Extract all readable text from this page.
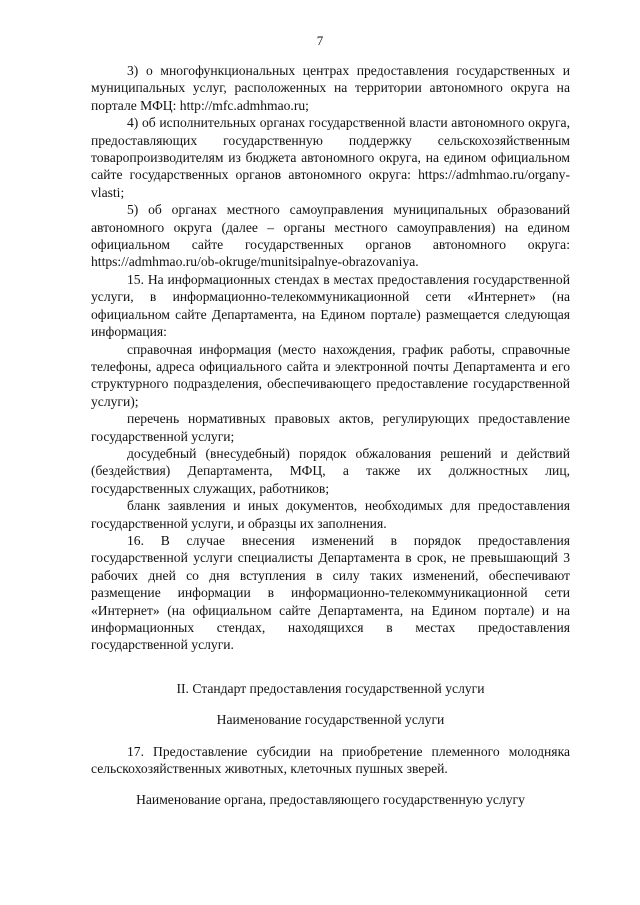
7

3) о многофункциональных центрах предоставления государственных и муниципальных услуг, расположенных на территории автономного округа на портале МФЦ: http://mfc.admhmao.ru;

4) об исполнительных органах государственной власти автономного округа, предоставляющих государственную поддержку сельскохозяйственным товаропроизводителям из бюджета автономного округа, на едином официальном сайте государственных органов автономного округа: https://admhmao.ru/organy-vlasti;

5) об органах местного самоуправления муниципальных образований автономного округа (далее – органы местного самоуправления) на едином официальном сайте государственных органов автономного округа: https://admhmao.ru/ob-okruge/munitsipalnye-obrazovaniya.

15. На информационных стендах в местах предоставления государственной услуги, в информационно-телекоммуникационной сети «Интернет» (на официальном сайте Департамента, на Едином портале) размещается следующая информация:

справочная информация (место нахождения, график работы, справочные телефоны, адреса официального сайта и электронной почты Департамента и его структурного подразделения, обеспечивающего предоставление государственной услуги);

перечень нормативных правовых актов, регулирующих предоставление государственной услуги;

досудебный (внесудебный) порядок обжалования решений и действий (бездействия) Департамента, МФЦ, а также их должностных лиц, государственных служащих, работников;

бланк заявления и иных документов, необходимых для предоставления государственной услуги, и образцы их заполнения.

16. В случае внесения изменений в порядок предоставления государственной услуги специалисты Департамента в срок, не превышающий 3 рабочих дней со дня вступления в силу таких изменений, обеспечивают размещение информации в информационно-телекоммуникационной сети «Интернет» (на официальном сайте Департамента, на Едином портале) и на информационных стендах, находящихся в местах предоставления государственной услуги.

II. Стандарт предоставления государственной услуги

Наименование государственной услуги

17. Предоставление субсидии на приобретение племенного молодняка сельскохозяйственных животных, клеточных пушных зверей.

Наименование органа, предоставляющего государственную услугу
